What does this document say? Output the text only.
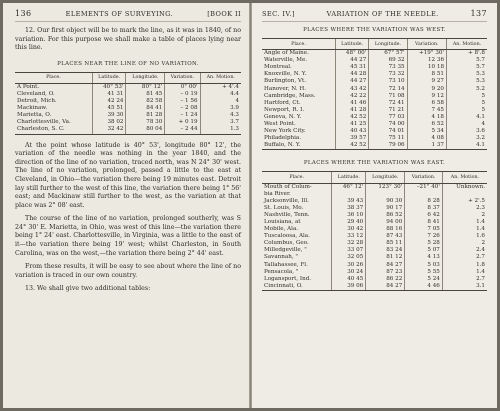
136	ELEMENTS OF SURVEYING.	[BOOK II

12. Our first object will be to mark the line, as it was in 1840, of no variation. For this purpose we shall make a table of places lying near this line.

PLACES NEAR THE LINE OF NO VARIATION.
Place.	Latitude.	Longitude.	Variation.	An. Motion.
A Point.	40° 53'	80° 12'	0° 00'	+ 4'.4
Cleveland, O.	41 31	81 45	– 0 19	4.4
Detroit, Mich.	42 24	82 58	– 1 56	4
Mackinaw.	45 51	84 41	– 2 08	3.9
Marietta, O.	39 30	81 28	– 1 24	4.3
Charlottesville, Va.	38 02	78 30	+ 0 19	3.7
Charleston, S. C.	32 42	80 04	– 2 44	1.3

At the point whose latitude is 40° 53', longitude 80° 12', the variation of the needle was nothing in the year 1840, and the direction of the line of no variation, traced north, was N 24° 30' west. The line of no variation, prolonged, passed a little to the east at Cleveland, in Ohio—the variation there being 19 minutes east. Detroit lay still further to the west of this line, the variation there being 1° 56' east; and Mackinaw still further to the west, as the variation at that place was 2° 08' east.

The course of the line of no variation, prolonged southerly, was S 24° 30' E. Marietta, in Ohio, was west of this line—the variation there being 1° 24' east. Charlottesville, in Virginia, was a little to the east of it—the variation there being 19' west; whilst Charleston, in South Carolina, was on the west,—the variation there being 2° 44' east.

From these results, it will be easy to see about where the line of no variation is traced in our own country.

13. We shall give two additional tables:

SEC. IV.]	VARIATION OF THE NEEDLE.	137
PLACES WHERE THE VARIATION WAS WEST.
Place.	Latitude.	Longitude.	Variation.	An. Motion.
Angle of Maine.	48° 00'	67° 57'	+19° 30'	+ 8'.8
Waterville, Me.	44 27	69 32	12 36	5.7
Montreal.	45 31	73 35	10 18	5.7
Knoxville, N. Y.	44 28	73 32	8 51	5.3
Burlington, Vt.	44 27	73 10	9 27	5.3
Hanover, N. H.	43 42	72 14	9 20	5.2
Cambridge, Mass.	42 22	71 08	9 12	5
Hartford, Ct.	41 46	72 41	6 58	5
Newport, R. I.	41 28	71 21	7 45	5
Geneva, N. Y.	42 52	77 03	4 18	4.1
West Point.	41 25	74 00	6 52	4
New York City.	40 43	74 01	5 34	3.6
Philadelphia.	39 57	75 11	4 08	3.2
Buffalo, N. Y.	42 52	79 06	1 37	4.1
PLACES WHERE THE VARIATION WAS EAST.
Place.	Latitude.	Longitude.	Variation.	An. Motion.
Mouth of Colum-	46° 12'	123° 30'	–21° 40'	Unknown.
bia River.				
Jacksonville, Ill.	39 43	90 30	8 28	+ 2'.5
St. Louis, Mo.	38 37	90 17	8 37	2.3
Nashville, Tenn.	36 10	86 52	6 42	2
Louisiana, at	29 40	94 00	8 41	1.4
Mobile, Ala.	30 42	88 16	7 05	1.4
Tuscaloosa, Ala.	33 12	87 43	7 26	1.6
Columbus, Geo.	32 28	85 11	5 28	2
Milledgeville, "	33 07	83 24	5 07	2.4
Savannah, "	32 05	81 12	4 13	2.7
Tallahassee, Fl.	30 26	84 27	5 03	1.8
Pensacola, "	30 24	87 23	5 55	1.4
Logansport, Ind.	40 45	86 22	5 24	2.7
Cincinnati, O.	39 06	84 27	4 46	3.1
